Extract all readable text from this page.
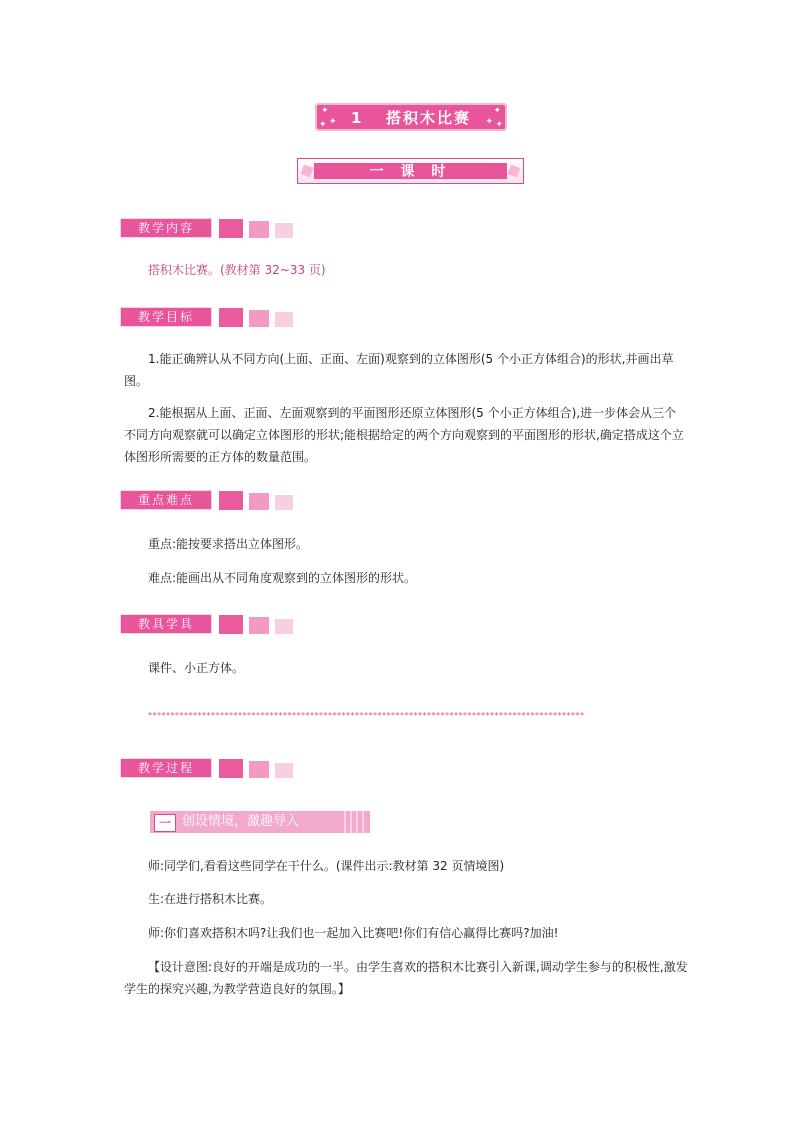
✦
✦
✦
✦
✦ ✦
1 搭积木比赛
一 课 时
教学内容
搭积木比赛。(教材第 32~33 页)
教学目标
1.能正确辨认从不同方向(上面、正面、左面)观察到的立体图形(5 个小正方体组合)的形状,并画出草图。
2.能根据从上面、正面、左面观察到的平面图形还原立体图形(5 个小正方体组合),进一步体会从三个不同方向观察就可以确定立体图形的形状;能根据给定的两个方向观察到的平面图形的形状,确定搭成这个立体图形所需要的正方体的数量范围。
重点难点
重点:能按要求搭出立体图形。
难点:能画出从不同角度观察到的立体图形的形状。
教具学具
课件、小正方体。
*************************************************************************************************
教学过程
一 创设情境，激趣导入
师:同学们,看看这些同学在干什么。(课件出示:教材第 32 页情境图)
生:在进行搭积木比赛。
师:你们喜欢搭积木吗?让我们也一起加入比赛吧!你们有信心赢得比赛吗?加油!
【设计意图:良好的开端是成功的一半。由学生喜欢的搭积木比赛引入新课,调动学生参与的积极性,激发学生的探究兴趣,为教学营造良好的氛围。】
